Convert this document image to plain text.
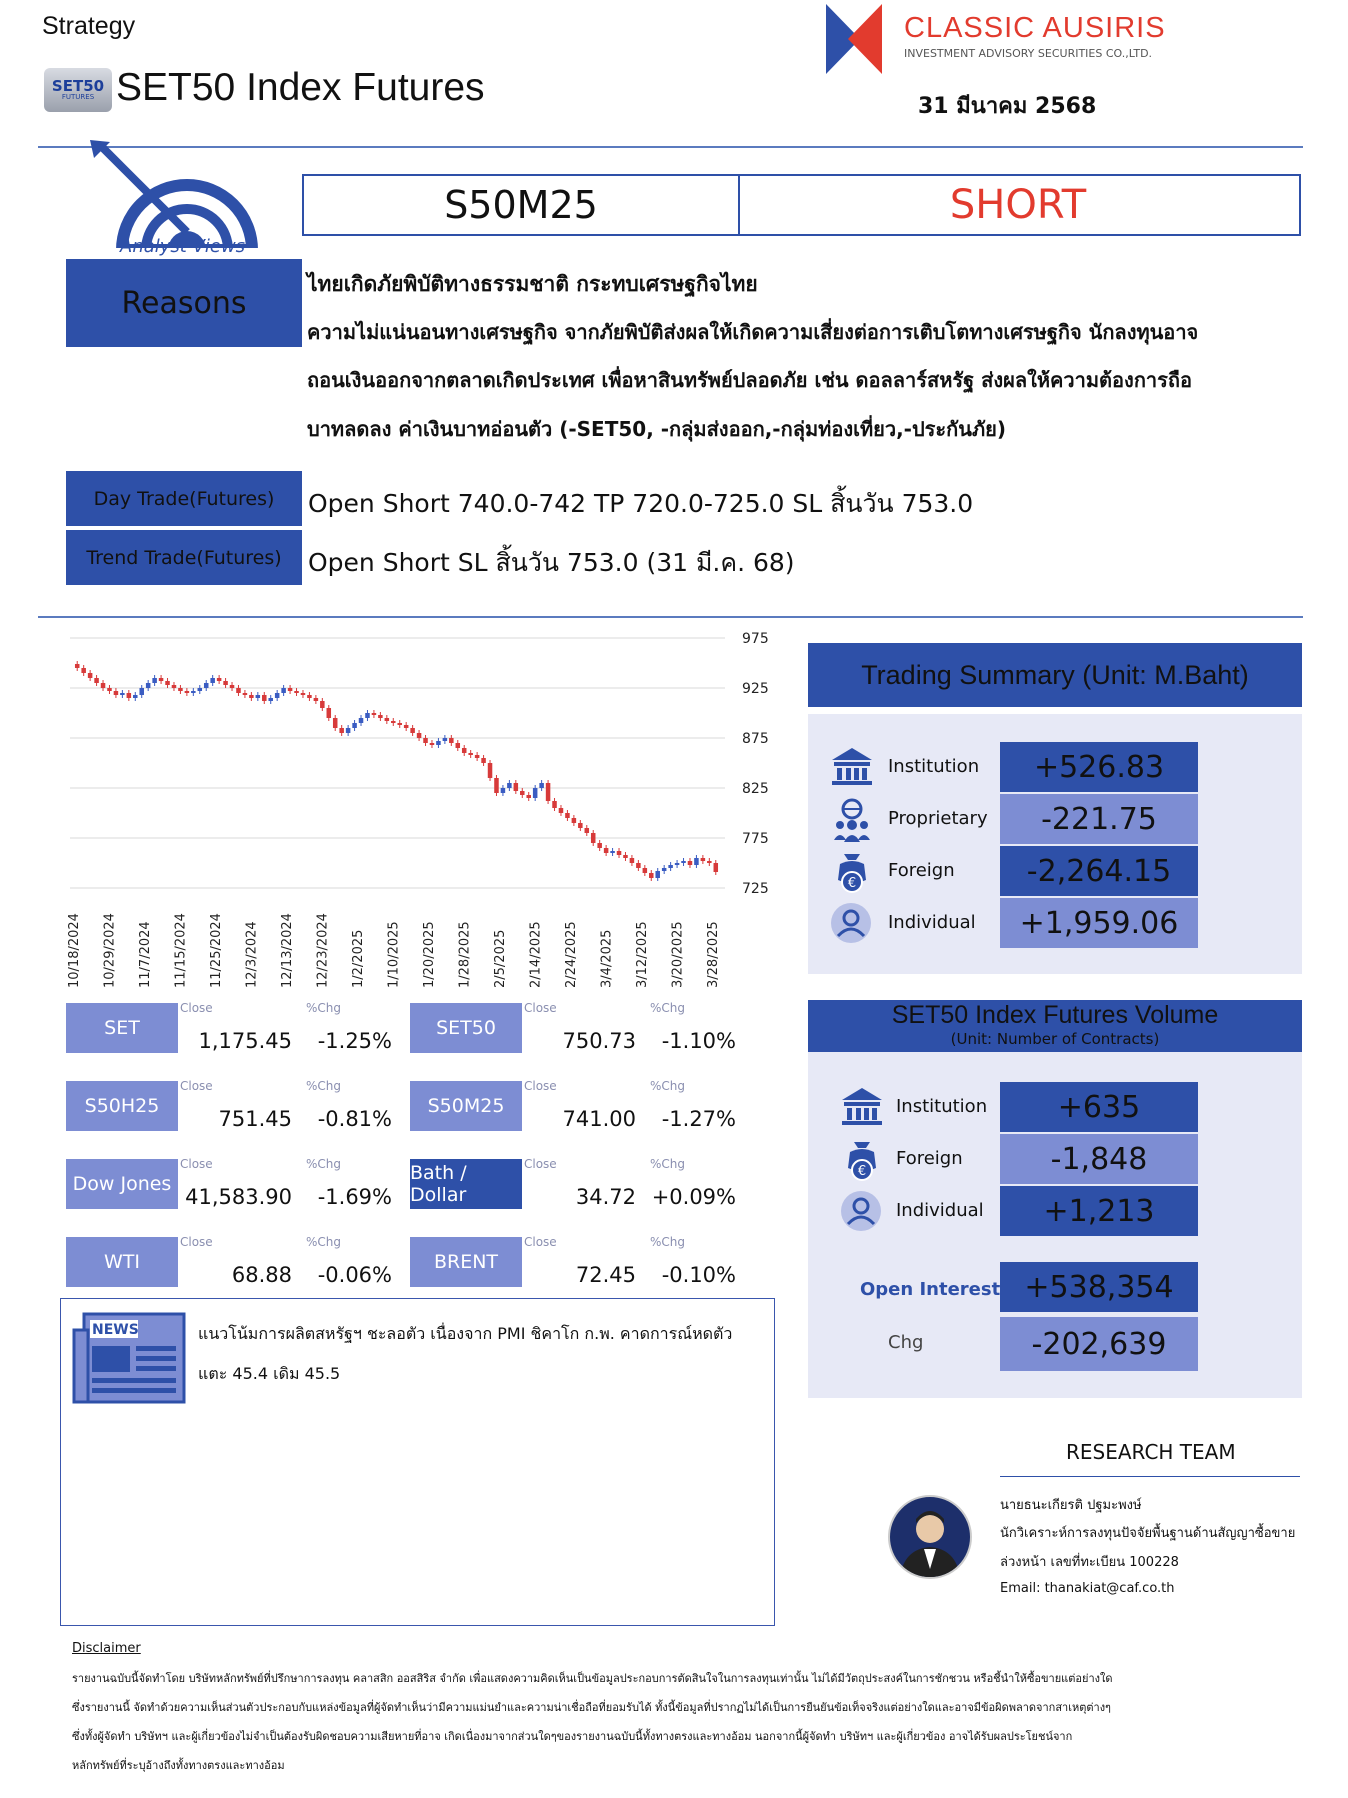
Strategy
SET50
FUTURES SET50 Index Futures
CLASSIC AUSIRIS
INVESTMENT ADVISORY SECURITIES CO.,LTD.
31 มีนาคม 2568
Analyst Views
S50M25	SHORT
Reasons
ไทยเกิดภัยพิบัติทางธรรมชาติ กระทบเศรษฐกิจไทย
ความไม่แน่นอนทางเศรษฐกิจ จากภัยพิบัติส่งผลให้เกิดความเสี่ยงต่อการเติบโตทางเศรษฐกิจ นักลงทุนอาจ
ถอนเงินออกจากตลาดเกิดประเทศ เพื่อหาสินทรัพย์ปลอดภัย เช่น ดอลลาร์สหรัฐ ส่งผลให้ความต้องการถือ
บาทลดลง ค่าเงินบาทอ่อนตัว (-SET50, -กลุ่มส่งออก,-กลุ่มท่องเที่ยว,-ประกันภัย)
Day Trade(Futures) Open Short 740.0-742 TP 720.0-725.0 SL สิ้นวัน 753.0
Trend Trade(Futures) Open Short SL สิ้นวัน 753.0 (31 มี.ค. 68)
975
925
875
825
775
725
10/18/2024 10/29/2024 11/7/2024 11/15/2024 11/25/2024 12/3/2024 12/13/2024 12/23/2024 1/2/2025 1/10/2025 1/20/2025 1/28/2025 2/5/2025 2/14/2025 2/24/2025 3/4/2025 3/12/2025 3/20/2025 3/28/2025
SET
Close	%Chg
1,175.45	-1.25%
SET50
Close	%Chg
750.73	-1.10%
S50H25
Close	%Chg
751.45	-0.81%
S50M25
Close	%Chg
741.00	-1.27%
Dow Jones
Close	%Chg
41,583.90	-1.69%
Bath / Dollar
Close	%Chg
34.72 +0.09%
WTI
Close	%Chg
68.88	-0.06%
BRENT
Close	%Chg
72.45	-0.10%
NEWS	แนวโน้มการผลิตสหรัฐฯ ชะลอตัว เนื่องจาก PMI ชิคาโก ก.พ. คาดการณ์หดตัว
แตะ 45.4 เดิม 45.5
Trading Summary (Unit: M.Baht)
Institution +526.83
Proprietary -221.75
€
Foreign -2,264.15
Individual +1,959.06
SET50 Index Futures Volume
(Unit: Number of Contracts)
Institution +635
€
Foreign	-1,848
Individual +1,213
Open Interest +538,354
Chg	-202,639
RESEARCH TEAM
นายธนะเกียรติ ปฐมะพงษ์
นักวิเคราะห์การลงทุนปัจจัยพื้นฐานด้านสัญญาซื้อขาย
ล่วงหน้า เลขที่ทะเบียน 100228
Email: thanakiat@caf.co.th
Disclaimer
รายงานฉบับนี้จัดทำโดย บริษัทหลักทรัพย์ที่ปรึกษาการลงทุน คลาสสิก ออสสิริส จำกัด เพื่อแสดงความคิดเห็นเป็นข้อมูลประกอบการตัดสินใจในการลงทุนเท่านั้น ไม่ได้มีวัตถุประสงค์ในการชักชวน หรือชี้นำให้ซื้อขายแต่อย่างใด
ซึ่งรายงานนี้ จัดทำด้วยความเห็นส่วนตัวประกอบกับแหล่งข้อมูลที่ผู้จัดทำเห็นว่ามีความแม่นยำและความน่าเชื่อถือที่ยอมรับได้ ทั้งนี้ข้อมูลที่ปรากฏไม่ได้เป็นการยืนยันข้อเท็จจริงแต่อย่างใดและอาจมีข้อผิดพลาดจากสาเหตุต่างๆ
ซึ่งทั้งผู้จัดทำ บริษัทฯ และผู้เกี่ยวข้องไม่จำเป็นต้องรับผิดชอบความเสียหายที่อาจ เกิดเนื่องมาจากส่วนใดๆของรายงานฉบับนี้ทั้งทางตรงและทางอ้อม นอกจากนี้ผู้จัดทำ บริษัทฯ และผู้เกี่ยวข้อง อาจได้รับผลประโยชน์จาก
หลักทรัพย์ที่ระบุอ้างถึงทั้งทางตรงและทางอ้อม
